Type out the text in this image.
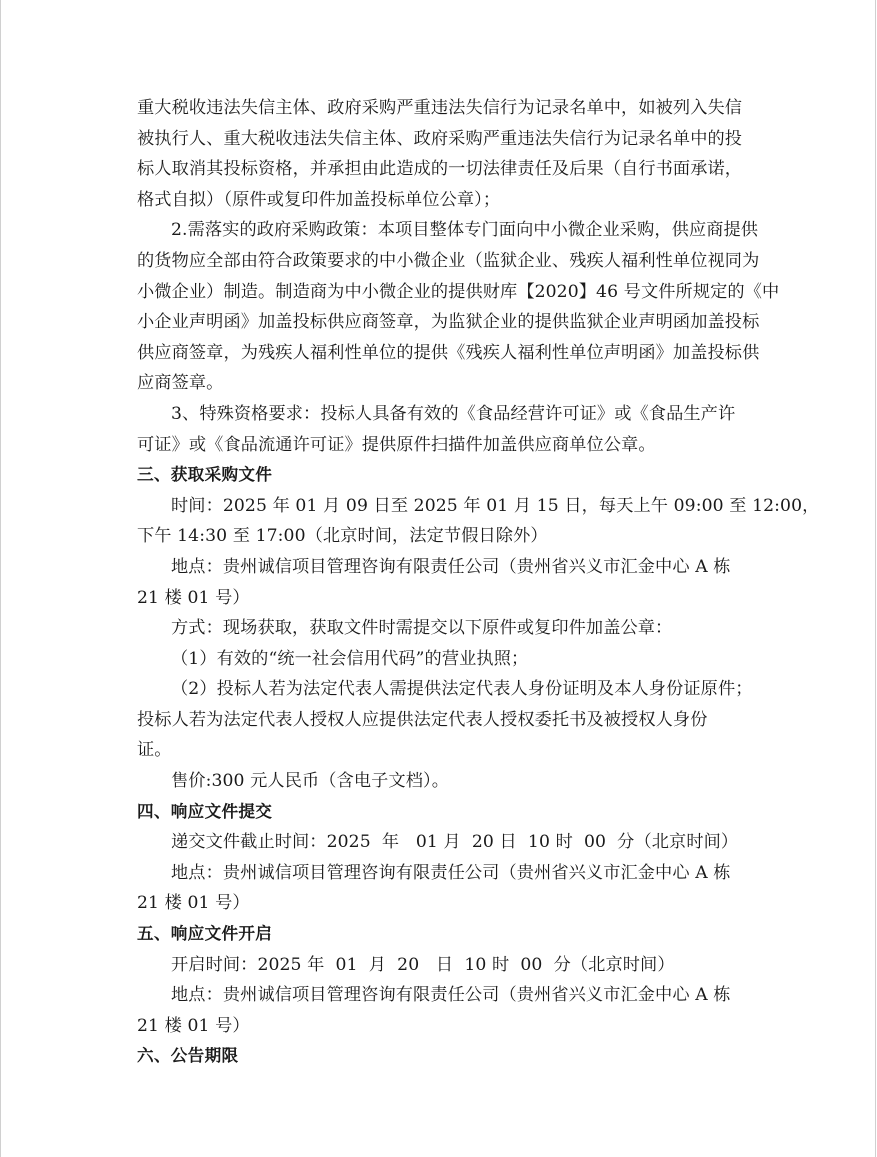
重大税收违法失信主体、政府采购严重违法失信行为记录名单中，如被列入失信
被执行人、重大税收违法失信主体、政府采购严重违法失信行为记录名单中的投
标人取消其投标资格，并承担由此造成的一切法律责任及后果（自行书面承诺，
格式自拟）（原件或复印件加盖投标单位公章）；
2.需落实的政府采购政策：本项目整体专门面向中小微企业采购，供应商提供
的货物应全部由符合政策要求的中小微企业（监狱企业、残疾人福利性单位视同为
小微企业）制造。制造商为中小微企业的提供财库【2020】46 号文件所规定的《中
小企业声明函》加盖投标供应商签章，为监狱企业的提供监狱企业声明函加盖投标
供应商签章，为残疾人福利性单位的提供《残疾人福利性单位声明函》加盖投标供
应商签章。
3、特殊资格要求：投标人具备有效的《食品经营许可证》或《食品生产许
可证》或《食品流通许可证》提供原件扫描件加盖供应商单位公章。
三、获取采购文件
时间：2025 年 01 月 09 日至 2025 年 01 月 15 日，每天上午 09:00 至 12:00，
下午 14:30 至 17:00（北京时间，法定节假日除外）
地点：贵州诚信项目管理咨询有限责任公司（贵州省兴义市汇金中心 A 栋
21 楼 01 号）
方式：现场获取，获取文件时需提交以下原件或复印件加盖公章：
（1）有效的“统一社会信用代码”的营业执照；
（2）投标人若为法定代表人需提供法定代表人身份证明及本人身份证原件；
投标人若为法定代表人授权人应提供法定代表人授权委托书及被授权人身份
证。
售价:300 元人民币（含电子文档）。
四、响应文件提交
递交文件截止时间：2025  年   01 月  20 日  10 时  00  分（北京时间）
地点：贵州诚信项目管理咨询有限责任公司（贵州省兴义市汇金中心 A 栋
21 楼 01 号）
五、响应文件开启
开启时间：2025 年  01  月  20   日  10 时  00  分（北京时间）
地点：贵州诚信项目管理咨询有限责任公司（贵州省兴义市汇金中心 A 栋
21 楼 01 号）
六、公告期限
